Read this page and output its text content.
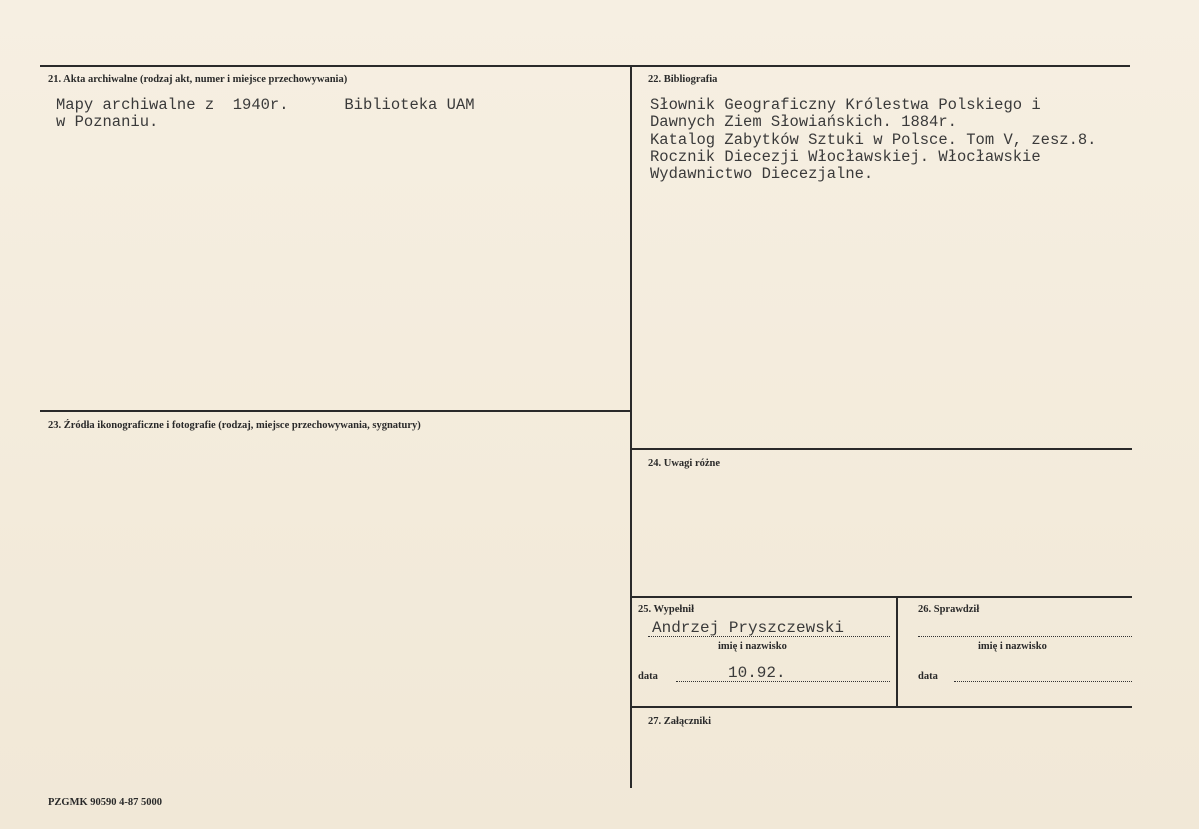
21. Akta archiwalne (rodzaj akt, numer i miejsce przechowywania)
Mapy archiwalne z  1940r.      Biblioteka UAM
w Poznaniu.
22. Bibliografia
Słownik Geograficzny Królestwa Polskiego i
Dawnych Ziem Słowiańskich. 1884r.
Katalog Zabytków Sztuki w Polsce. Tom V, zesz.8.
Rocznik Diecezji Włocławskiej. Włocławskie
Wydawnictwo Diecezjalne.
23. Źródła ikonograficzne i fotografie (rodzaj, miejsce przechowywania, sygnatury)
24. Uwagi różne
25. Wypełnił
Andrzej Pryszczewski
imię i nazwisko
data	10.92.
26. Sprawdził
imię i nazwisko
data
27. Załączniki
PZGMK 90590 4-87 5000
